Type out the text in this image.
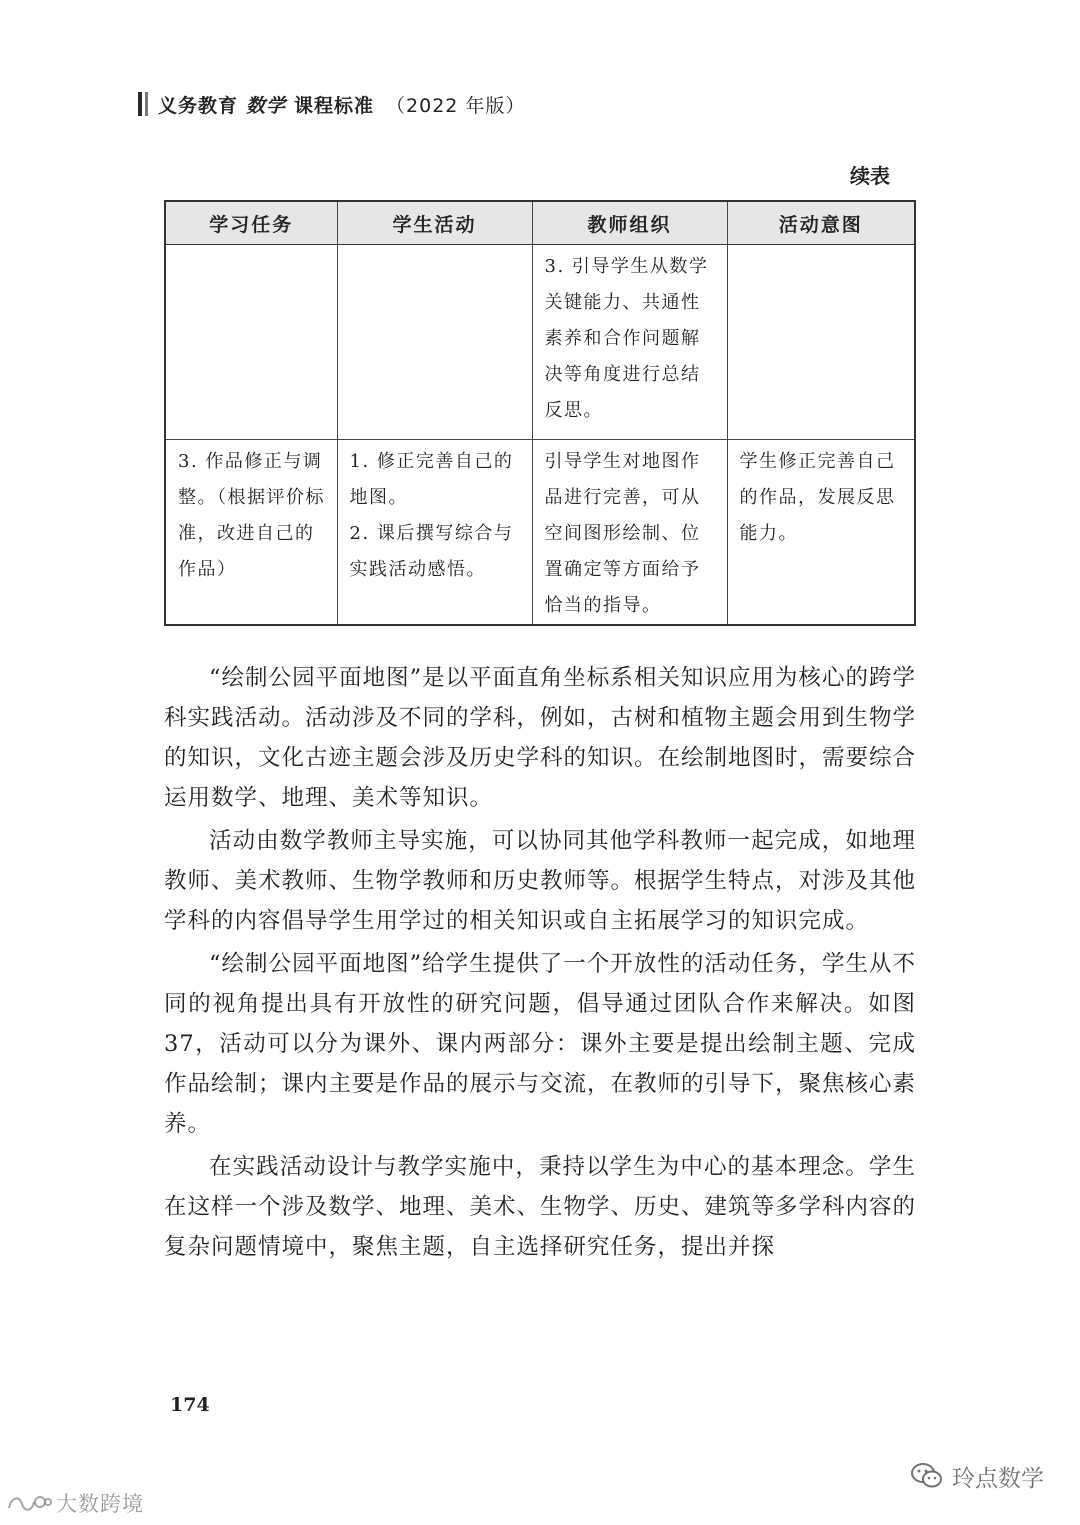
义务教育 数学 课程标准 （2022 年版）
续表
学习任务	学生活动	教师组织	活动意图
		3. 引导学生从数学关键能力、共通性素养和合作问题解决等角度进行总结反思。	
3. 作品修正与调整。（根据评价标准，改进自己的作品）	1. 修正完善自己的地图。
2. 课后撰写综合与实践活动感悟。	引导学生对地图作品进行完善，可从空间图形绘制、位置确定等方面给予恰当的指导。	学生修正完善自己的作品，发展反思能力。

“绘制公园平面地图”是以平面直角坐标系相关知识应用为核心的跨学科实践活动。活动涉及不同的学科，例如，古树和植物主题会用到生物学的知识，文化古迹主题会涉及历史学科的知识。在绘制地图时，需要综合运用数学、地理、美术等知识。

活动由数学教师主导实施，可以协同其他学科教师一起完成，如地理教师、美术教师、生物学教师和历史教师等。根据学生特点，对涉及其他学科的内容倡导学生用学过的相关知识或自主拓展学习的知识完成。

“绘制公园平面地图”给学生提供了一个开放性的活动任务，学生从不同的视角提出具有开放性的研究问题，倡导通过团队合作来解决。如图 37，活动可以分为课外、课内两部分：课外主要是提出绘制主题、完成作品绘制；课内主要是作品的展示与交流，在教师的引导下，聚焦核心素养。

在实践活动设计与教学实施中，秉持以学生为中心的基本理念。学生在这样一个涉及数学、地理、美术、生物学、历史、建筑等多学科内容的复杂问题情境中，聚焦主题，自主选择研究任务，提出并探

174
大数跨境
玲点数学
